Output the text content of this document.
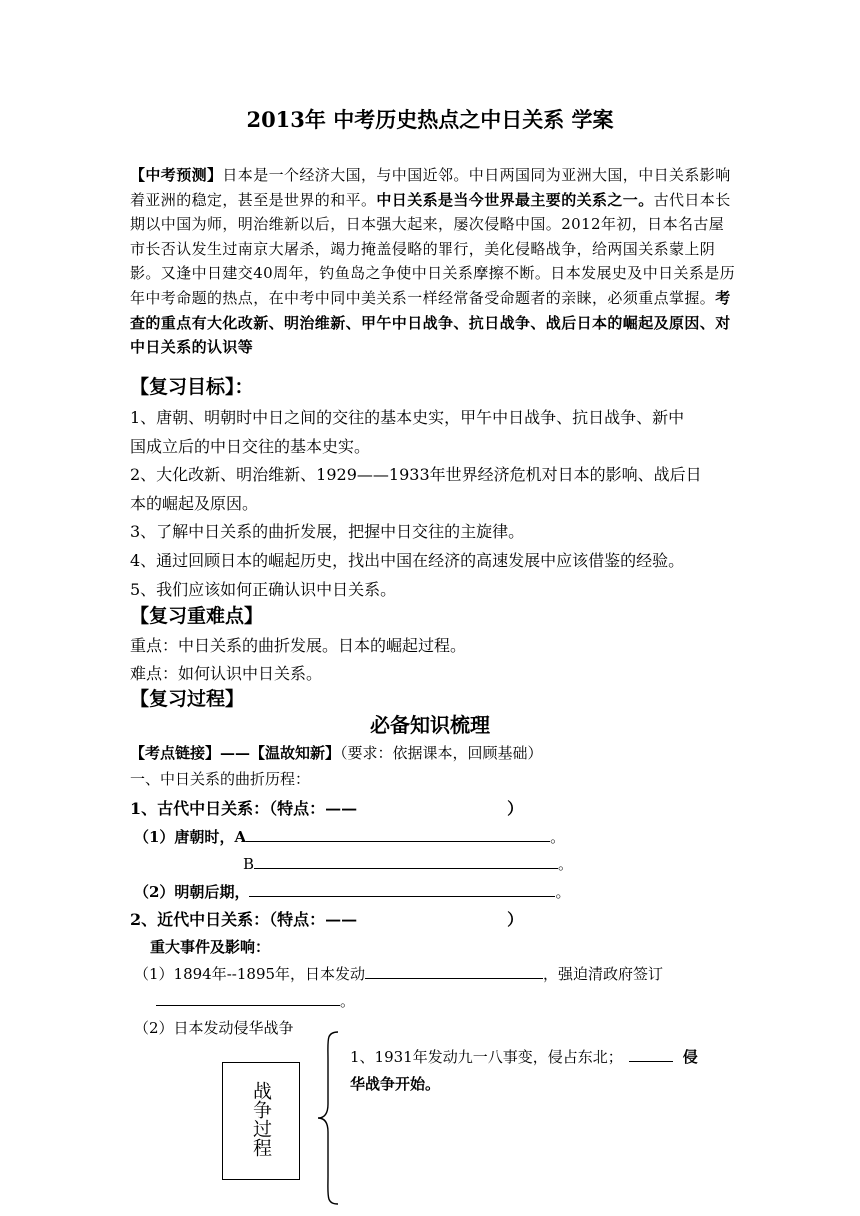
2013年 中考历史热点之中日关系 学案

【中考预测】日本是一个经济大国，与中国近邻。中日两国同为亚洲大国，中日关系影响着亚洲的稳定，甚至是世界的和平。中日关系是当今世界最主要的关系之一。古代日本长期以中国为师，明治维新以后，日本强大起来，屡次侵略中国。2012年初，日本名古屋市长否认发生过南京大屠杀，竭力掩盖侵略的罪行，美化侵略战争，给两国关系蒙上阴影。又逢中日建交40周年，钓鱼岛之争使中日关系摩擦不断。日本发展史及中日关系是历年中考命题的热点，在中考中同中美关系一样经常备受命题者的亲睐，必须重点掌握。考查的重点有大化改新、明治维新、甲午中日战争、抗日战争、战后日本的崛起及原因、对中日关系的认识等

【复习目标】：
1、唐朝、明朝时中日之间的交往的基本史实，甲午中日战争、抗日战争、新中
国成立后的中日交往的基本史实。
2、大化改新、明治维新、1929——1933年世界经济危机对日本的影响、战后日
本的崛起及原因。
3、了解中日关系的曲折发展，把握中日交往的主旋律。
4、通过回顾日本的崛起历史，找出中国在经济的高速发展中应该借鉴的经验。
5、我们应该如何正确认识中日关系。
【复习重难点】
重点：中日关系的曲折发展。日本的崛起过程。
难点：如何认识中日关系。
【复习过程】
必备知识梳理
【考点链接】——【温故知新】（要求：依据课本，回顾基础）
一、中日关系的曲折历程：
1、古代中日关系：（特点：——	）
（1）唐朝时，A	。
B	。
（2）明朝后期，	。
2、近代中日关系：（特点：——	）
重大事件及影响：
（1）1894年--1895年，日本发动	，强迫清政府签订
。
（2）日本发动侵华战争
1、1931年发动九一八事变，侵占东北；	侵
华战争开始。
战争过程
